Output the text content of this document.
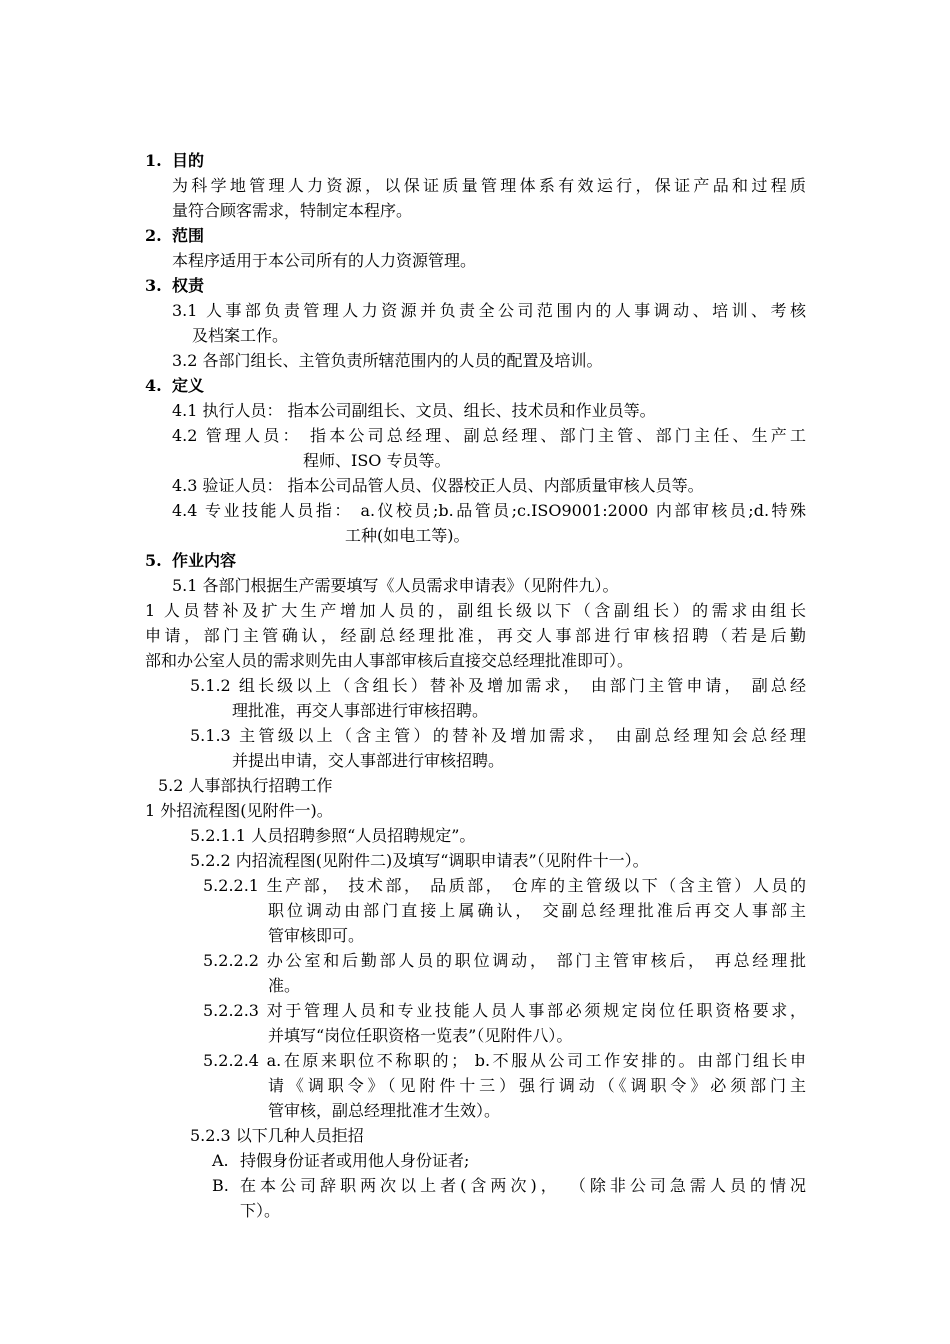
1. 目的
为科学地管理人力资源，以保证质量管理体系有效运行，保证产品和过程质
量符合顾客需求，特制定本程序。
2. 范围
本程序适用于本公司所有的人力资源管理。
3. 权责
3.1 人事部负责管理人力资源并负责全公司范围内的人事调动、培训、考核
及档案工作。
3.2 各部门组长、主管负责所辖范围内的人员的配置及培训。
4. 定义
4.1 执行人员： 指本公司副组长、文员、组长、技术员和作业员等。
4.2 管理人员： 指本公司总经理、副总经理、部门主管、部门主任、生产工
程师、ISO 专员等。
4.3 验证人员： 指本公司品管人员、仪器校正人员、内部质量审核人员等。
4.4 专业技能人员指： a.仪校员;b.品管员;c.ISO9001:2000 内部审核员;d.特殊
工种(如电工等)。
5. 作业内容
5.1 各部门根据生产需要填写《人员需求申请表》（见附件九）。
1 人员替补及扩大生产增加人员的，副组长级以下（含副组长）的需求由组长
申请，部门主管确认，经副总经理批准，再交人事部进行审核招聘（若是后勤
部和办公室人员的需求则先由人事部审核后直接交总经理批准即可）。
5.1.2 组长级以上（含组长）替补及增加需求， 由部门主管申请， 副总经
理批准，再交人事部进行审核招聘。
5.1.3 主管级以上（含主管）的替补及增加需求， 由副总经理知会总经理
并提出申请，交人事部进行审核招聘。
5.2 人事部执行招聘工作
1 外招流程图(见附件一)。
5.2.1.1 人员招聘参照“人员招聘规定”。
5.2.2 内招流程图(见附件二)及填写“调职申请表”（见附件十一）。
5.2.2.1 生产部， 技术部， 品质部， 仓库的主管级以下（含主管）人员的
职位调动由部门直接上属确认， 交副总经理批准后再交人事部主
管审核即可。
5.2.2.2 办公室和后勤部人员的职位调动， 部门主管审核后， 再总经理批
准。
5.2.2.3 对于管理人员和专业技能人员人事部必须规定岗位任职资格要求，
并填写“岗位任职资格一览表”（见附件八）。
5.2.2.4 a.在原来职位不称职的； b.不服从公司工作安排的。由部门组长申
请《调职令》（见附件十三）强行调动（《调职令》必须部门主
管审核，副总经理批准才生效）。
5.2.3 以下几种人员拒招
A. 持假身份证者或用他人身份证者;
B. 在本公司辞职两次以上者(含两次)， （除非公司急需人员的情况
下）。
